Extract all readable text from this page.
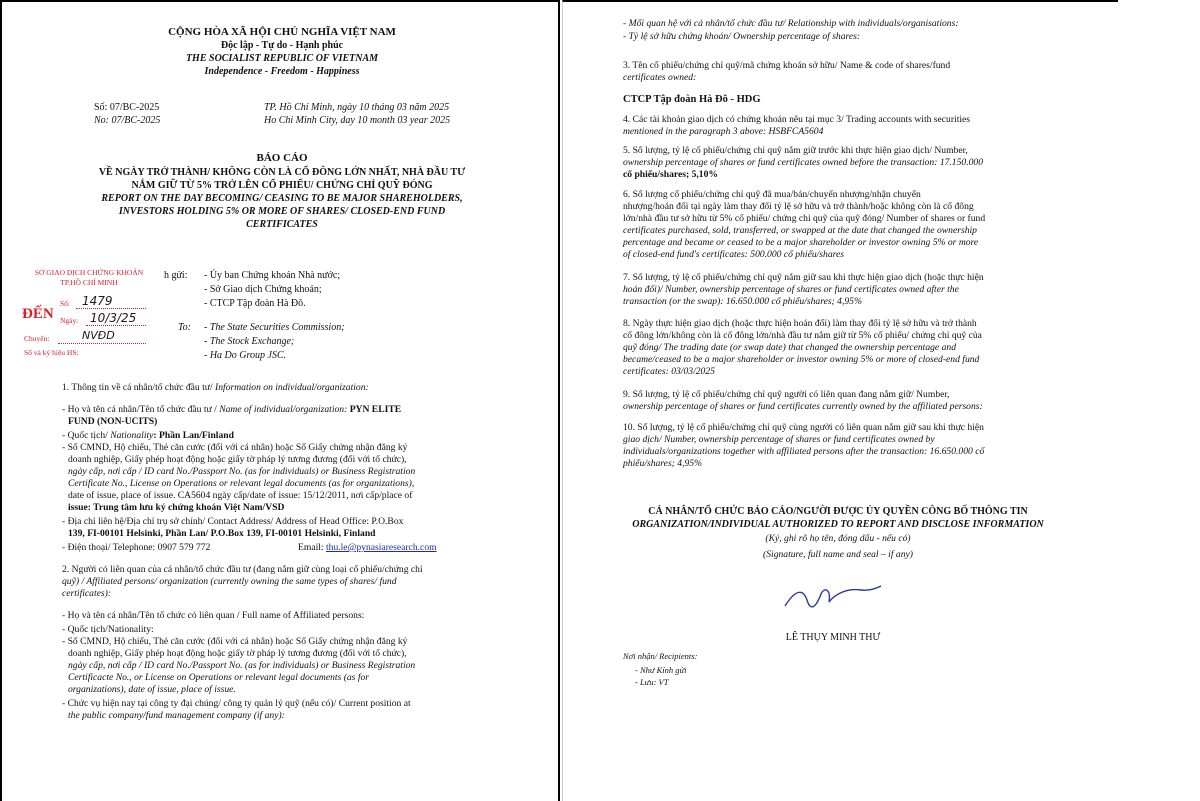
CỘNG HÒA XÃ HỘI CHỦ NGHĨA VIỆT NAM
Độc lập - Tự do - Hạnh phúc
THE SOCIALIST REPUBLIC OF VIETNAM
Independence - Freedom - Happiness
Số: 07/BC-2025
No: 07/BC-2025
TP. Hồ Chí Minh, ngày 10 tháng 03 năm 2025
Ho Chi Minh City, day 10 month 03 year 2025
BÁO CÁO
VỀ NGÀY TRỞ THÀNH/ KHÔNG CÒN LÀ CỔ ĐÔNG LỚN NHẤT, NHÀ ĐẦU TƯ
NẮM GIỮ TỪ 5% TRỞ LÊN CỔ PHIẾU/ CHỨNG CHỈ QUỸ ĐÓNG
REPORT ON THE DAY BECOMING/ CEASING TO BE MAJOR SHAREHOLDERS,
INVESTORS HOLDING 5% OR MORE OF SHARES/ CLOSED-END FUND
CERTIFICATES
SỞ GIAO DỊCH CHỨNG KHOÁN
TP.HỒ CHÍ MINH
ĐẾN
Số:
Ngày:
Chuyển:
Số và ký hiệu HS:
1479
10/3/25
NVĐD
h gửi: - Ủy ban Chứng khoán Nhà nước;
- Sở Giao dịch Chứng khoán;
- CTCP Tập đoàn Hà Đô.
To: - The State Securities Commission;
- The Stock Exchange;
- Ha Do Group JSC.
1. Thông tin về cá nhân/tổ chức đầu tư/ Information on individual/organization:
- Họ và tên cá nhân/Tên tổ chức đầu tư / Name of individual/organization: PYN ELITE
FUND (NON-UCITS)
- Quốc tịch/ Nationality: Phần Lan/Finland
- Số CMND, Hộ chiếu, Thẻ căn cước (đối với cá nhân) hoặc Số Giấy chứng nhận đăng ký
doanh nghiệp, Giấy phép hoạt động hoặc giấy tờ pháp lý tương đương (đối với tổ chức),
ngày cấp, nơi cấp / ID card No./Passport No. (as for individuals) or Business Registration
Certificate No., License on Operations or relevant legal documents (as for organizations),
date of issue, place of issue. CA5604 ngày cấp/date of issue: 15/12/2011, nơi cấp/place of
issue: Trung tâm lưu ký chứng khoán Việt Nam/VSD
- Địa chỉ liên hệ/Địa chỉ trụ sở chính/ Contact Address/ Address of Head Office: P.O.Box
139, FI-00101 Helsinki, Phần Lan/ P.O.Box 139, FI-00101 Helsinki, Finland
- Điện thoại/ Telephone: 0907 579 772	Email: thu.le@pynasiaresearch.com
2. Người có liên quan của cá nhân/tổ chức đầu tư (đang nắm giữ cùng loại cổ phiếu/chứng chỉ
quỹ) / Affiliated persons/ organization (currently owning the same types of shares/ fund
certificates):
- Họ và tên cá nhân/Tên tổ chức có liên quan / Full name of Affiliated persons:
- Quốc tịch/Nationality:
- Số CMND, Hộ chiếu, Thẻ căn cước (đối với cá nhân) hoặc Số Giấy chứng nhận đăng ký
doanh nghiệp, Giấy phép hoạt động hoặc giấy tờ pháp lý tương đương (đối với tổ chức),
ngày cấp, nơi cấp / ID card No./Passport No. (as for individuals) or Business Registration
Certificacte No., or License on Operations or relevant legal documents (as for
organizations), date of issue, place of issue.
- Chức vụ hiện nay tại công ty đại chúng/ công ty quản lý quỹ (nếu có)/ Current position at
the public company/fund management company (if any):
- Mối quan hệ với cá nhân/tổ chức đầu tư/ Relationship with individuals/organisations:
- Tỷ lệ sở hữu chứng khoán/ Ownership percentage of shares:
3. Tên cổ phiếu/chứng chỉ quỹ/mã chứng khoán sở hữu/ Name & code of shares/fund
certificates owned:
CTCP Tập đoàn Hà Đô - HDG
4. Các tài khoản giao dịch có chứng khoán nêu tại mục 3/ Trading accounts with securities
mentioned in the paragraph 3 above: HSBFCA5604
5. Số lượng, tỷ lệ cổ phiếu/chứng chỉ quỹ nắm giữ trước khi thực hiện giao dịch/ Number,
ownership percentage of shares or fund certificates owned before the transaction: 17.150.000
cổ phiếu/shares; 5,10%
6. Số lượng cổ phiếu/chứng chỉ quỹ đã mua/bán/chuyển nhượng/nhận chuyển
nhượng/hoán đổi tại ngày làm thay đổi tỷ lệ sở hữu và trở thành/hoặc không còn là cổ đông
lớn/nhà đầu tư sở hữu từ 5% cổ phiếu/ chứng chỉ quỹ của quỹ đóng/ Number of shares or fund
certificates purchased, sold, transferred, or swapped at the date that changed the ownership
percentage and became or ceased to be a major shareholder or investor owning 5% or more
of closed-end fund's certificates: 500.000 cổ phiếu/shares
7. Số lượng, tỷ lệ cổ phiếu/chứng chỉ quỹ nắm giữ sau khi thực hiện giao dịch (hoặc thực hiện
hoán đổi)/ Number, ownership percentage of shares or fund certificates owned after the
transaction (or the swap): 16.650.000 cổ phiếu/shares; 4,95%
8. Ngày thực hiện giao dịch (hoặc thực hiện hoán đổi) làm thay đổi tỷ lệ sở hữu và trở thành
cổ đông lớn/không còn là cổ đông lớn/nhà đầu tư nắm giữ từ 5% cổ phiếu/ chứng chỉ quỹ của
quỹ đóng/ The trading date (or swap date) that changed the ownership percentage and
became/ceased to be a major shareholder or investor owning 5% or more of closed-end fund
certificates: 03/03/2025
9. Số lượng, tỷ lệ cổ phiếu/chứng chỉ quỹ người có liên quan đang nắm giữ/ Number,
ownership percentage of shares or fund certificates currently owned by the affiliated persons:
10. Số lượng, tỷ lệ cổ phiếu/chứng chỉ quỹ cùng người có liên quan nắm giữ sau khi thực hiện
giao dịch/ Number, ownership percentage of shares or fund certificates owned by
individuals/organizations together with affiliated persons after the transaction: 16.650.000 cổ
phiếu/shares; 4,95%
CÁ NHÂN/TỔ CHỨC BÁO CÁO/NGƯỜI ĐƯỢC ỦY QUYỀN CÔNG BỐ THÔNG TIN
ORGANIZATION/INDIVIDUAL AUTHORIZED TO REPORT AND DISCLOSE INFORMATION
(Ký, ghi rõ họ tên, đóng dấu - nếu có)
(Signature, full name and seal – if any)
LÊ THỤY MINH THƯ
Nơi nhận/ Recipients:
- Như Kính gửi
- Lưu: VT
